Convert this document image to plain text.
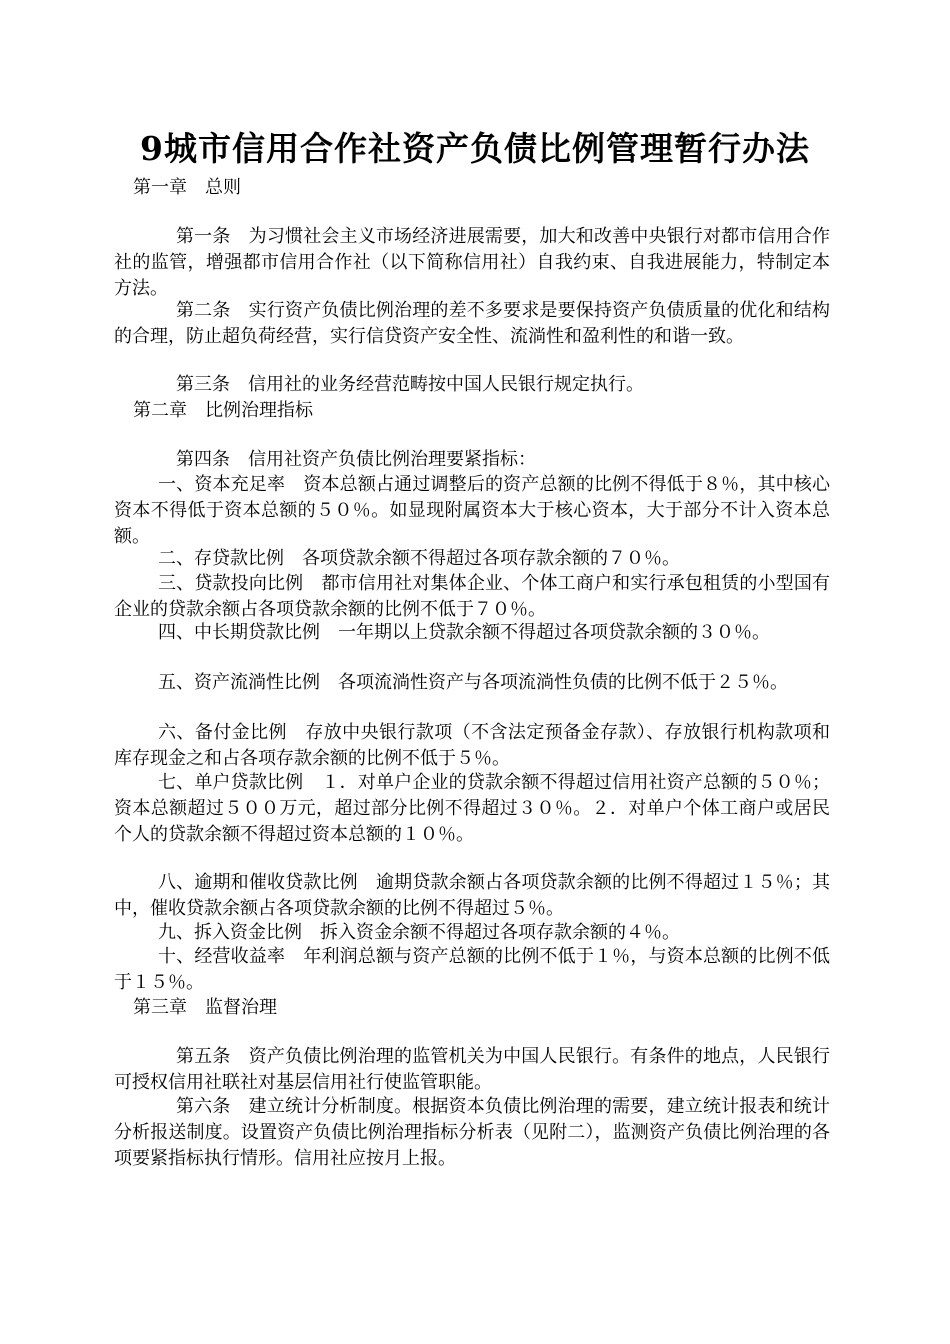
9城市信用合作社资产负债比例管理暂行办法
第一章　总则
第一条　为习惯社会主义市场经济进展需要，加大和改善中央银行对都市信用合作社的监管，增强都市信用合作社（以下简称信用社）自我约束、自我进展能力，特制定本方法。
第二条　实行资产负债比例治理的差不多要求是要保持资产负债质量的优化和结构的合理，防止超负荷经营，实行信贷资产安全性、流淌性和盈利性的和谐一致。
第三条　信用社的业务经营范畴按中国人民银行规定执行。
第二章　比例治理指标
第四条　信用社资产负债比例治理要紧指标：
一、资本充足率　资本总额占通过调整后的资产总额的比例不得低于８％，其中核心资本不得低于资本总额的５０％。如显现附属资本大于核心资本，大于部分不计入资本总额。
二、存贷款比例　各项贷款余额不得超过各项存款余额的７０％。
三、贷款投向比例　都市信用社对集体企业、个体工商户和实行承包租赁的小型国有企业的贷款余额占各项贷款余额的比例不低于７０％。
四、中长期贷款比例　一年期以上贷款余额不得超过各项贷款余额的３０％。
五、资产流淌性比例　各项流淌性资产与各项流淌性负债的比例不低于２５％。
六、备付金比例　存放中央银行款项（不含法定预备金存款）、存放银行机构款项和库存现金之和占各项存款余额的比例不低于５％。
七、单户贷款比例　１．对单户企业的贷款余额不得超过信用社资产总额的５０％；资本总额超过５００万元，超过部分比例不得超过３０％。２．对单户个体工商户或居民个人的贷款余额不得超过资本总额的１０％。
八、逾期和催收贷款比例　逾期贷款余额占各项贷款余额的比例不得超过１５％；其中，催收贷款余额占各项贷款余额的比例不得超过５％。
九、拆入资金比例　拆入资金余额不得超过各项存款余额的４％。
十、经营收益率　年利润总额与资产总额的比例不低于１％，与资本总额的比例不低于１５％。
第三章　监督治理
第五条　资产负债比例治理的监管机关为中国人民银行。有条件的地点，人民银行可授权信用社联社对基层信用社行使监管职能。
第六条　建立统计分析制度。根据资本负债比例治理的需要，建立统计报表和统计分析报送制度。设置资产负债比例治理指标分析表（见附二），监测资产负债比例治理的各项要紧指标执行情形。信用社应按月上报。
